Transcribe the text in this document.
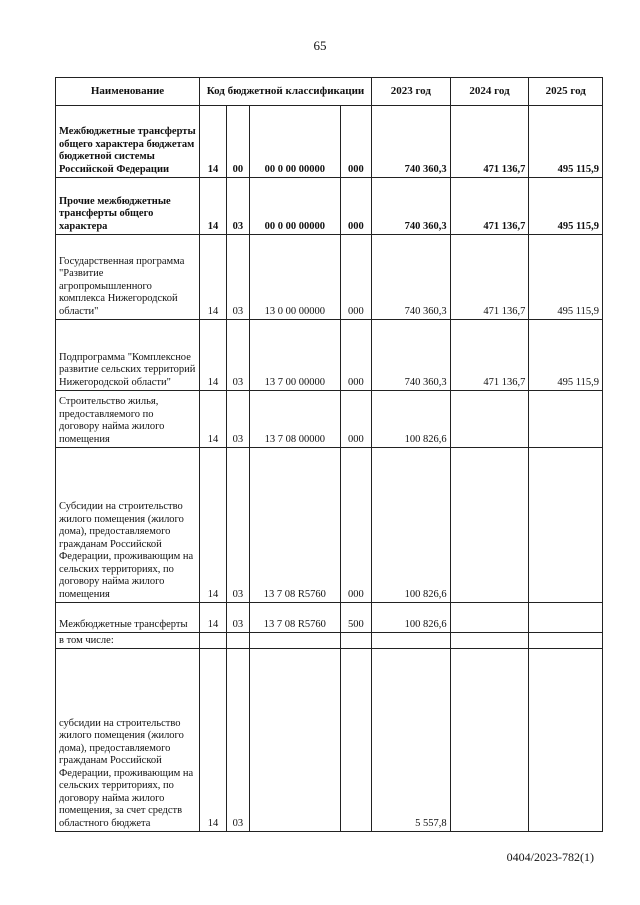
65
Наименование	Код бюджетной классификации				2023 год	2024 год	2025 год
Межбюджетные трансферты общего характера бюджетам бюджетной системы Российской Федерации	14	00	00 0 00 00000	000	740 360,3	471 136,7	495 115,9
Прочие межбюджетные трансферты общего характера	14	03	00 0 00 00000	000	740 360,3	471 136,7	495 115,9
Государственная программа "Развитие агропромышленного комплекса Нижегородской области"	14	03	13 0 00 00000	000	740 360,3	471 136,7	495 115,9
Подпрограмма "Комплексное развитие сельских территорий Нижегородской области"	14	03	13 7 00 00000	000	740 360,3	471 136,7	495 115,9
Строительство жилья, предоставляемого по договору найма жилого помещения	14	03	13 7 08 00000	000	100 826,6		
Субсидии на строительство жилого помещения (жилого дома), предоставляемого гражданам Российской Федерации, проживающим на сельских территориях, по договору найма жилого помещения	14	03	13 7 08 R5760	000	100 826,6		
Межбюджетные трансферты	14	03	13 7 08 R5760	500	100 826,6		
в том числе:							
субсидии на строительство жилого помещения (жилого дома), предоставляемого гражданам Российской Федерации, проживающим на сельских территориях, по договору найма жилого помещения, за счет средств областного бюджета	14	03			5 557,8		
0404/2023-782(1)
